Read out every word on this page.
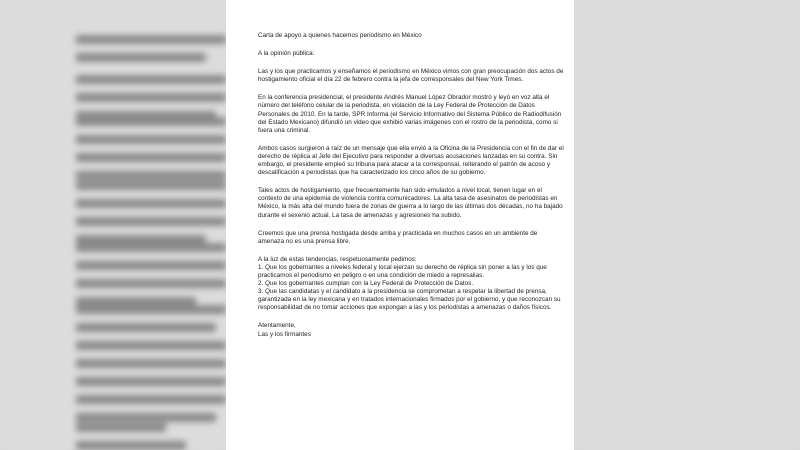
Carta de apoyo a quienes hacemos periodismo en México

A la opinión pública:

Las y los que practicamos y enseñamos el periodismo en México vimos con gran preocupación dos actos de hostigamiento oficial el día 22 de febrero contra la jefa de corresponsales del New York Times.

En la conferencia presidencial, el presidente Andrés Manuel López Obrador mostró y leyó en voz alta el número del teléfono celular de la periodista, en violación de la Ley Federal de Protección de Datos Personales de 2010. En la tarde, SPR Informa (el Servicio Informativo del Sistema Público de Radiodifusión del Estado Mexicano) difundió un video que exhibió varias imágenes con el rostro de la periodista, como si fuera una criminal.

Ambos casos surgieron a raíz de un mensaje que ella envió a la Oficina de la Presidencia con el fin de dar el derecho de réplica al Jefe del Ejecutivo para responder a diversas acusaciones lanzadas en su contra. Sin embargo, el presidente empleó su tribuna para atacar a la corresponsal, reiterando el patrón de acoso y descalificación a periodistas que ha caracterizado los cinco años de su gobierno.

Tales actos de hostigamiento, que frecuentemente han sido emulados a nivel local, tienen lugar en el contexto de una epidemia de violencia contra comunicadores. La alta tasa de asesinatos de periodistas en México, la más alta del mundo fuera de zonas de guerra a lo largo de las últimas dos décadas, no ha bajado durante el sexenio actual. La tasa de amenazas y agresiones ha subido.

Creemos que una prensa hostigada desde arriba y practicada en muchos casos en un ambiente de amenaza no es una prensa libre.

A la luz de estas tendencias, respetuosamente pedimos:

1. Que los gobernantes a niveles federal y local ejerzan su derecho de réplica sin poner a las y los que practicamos el periodismo en peligro o en una condición de miedo a represalias.
2. Que los gobernantes cumplan con la Ley Federal de Protección de Datos.
3. Que las candidatas y el candidato a la presidencia se comprometan a respetar la libertad de prensa, garantizada en la ley mexicana y en tratados internacionales firmados por el gobierno, y que reconozcan su responsabilidad de no tomar acciones que expongan a las y los periodistas a amenazas o daños físicos.

Atentamente,

Las y los firmantes
